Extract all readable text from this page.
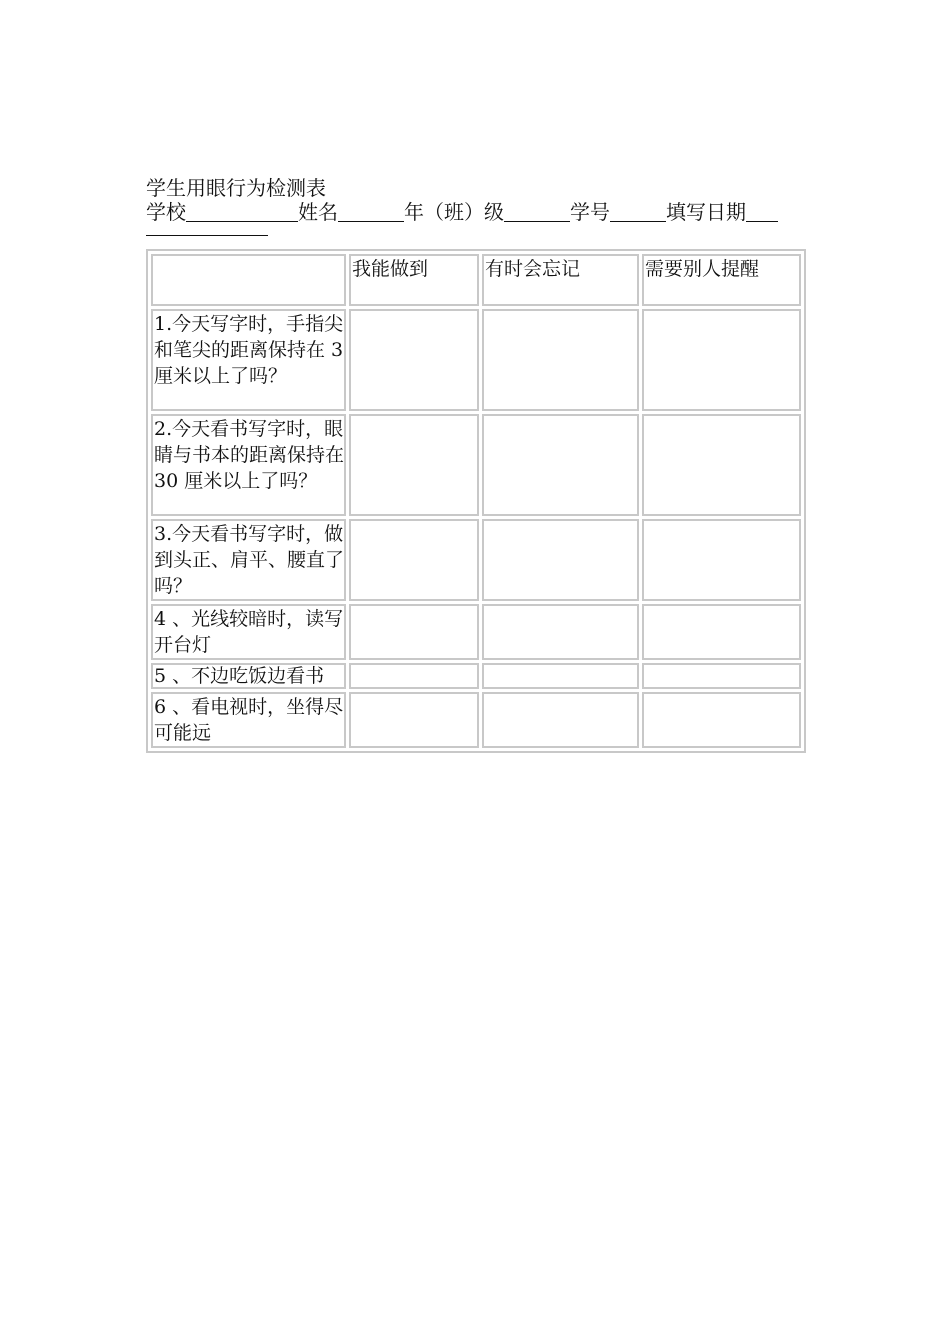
学生用眼行为检测表
学校	姓名	年（班）级	学号	填写日期
	我能做到	有时会忘记	需要别人提醒
1.今天写字时，手指尖和笔尖的距离保持在 3 厘米以上了吗？			
2.今天看书写字时，眼睛与书本的距离保持在 30 厘米以上了吗？			
3.今天看书写字时，做到头正、肩平、腰直了吗？			
4 、光线较暗时，读写开台灯			
5 、不边吃饭边看书			
6 、看电视时，坐得尽可能远			
